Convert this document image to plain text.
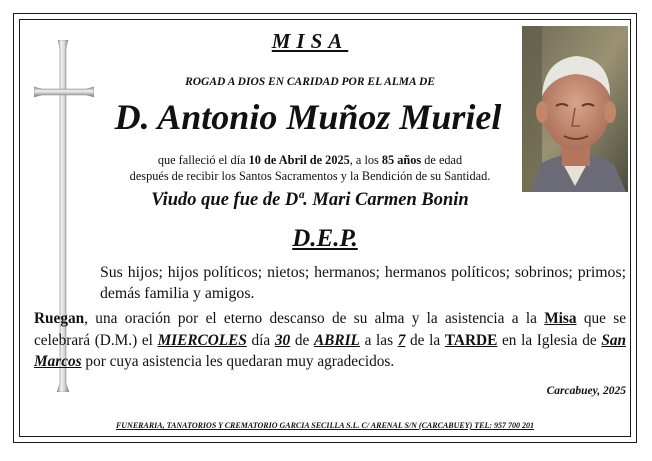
MISA
ROGAD A DIOS EN CARIDAD POR EL ALMA DE
D. Antonio Muñoz Muriel
que falleció el día 10 de Abril de 2025, a los 85 años de edad
después de recibir los Santos Sacramentos y la Bendición de su Santidad.
Viudo que fue de Dª. Mari Carmen Bonin
D.E.P.
Sus hijos; hijos políticos; nietos; hermanos; hermanos políticos; sobrinos; primos; demás familia y amigos.
Ruegan, una oración por el eterno descanso de su alma y la asistencia a la Misa que se celebrará (D.M.) el MIERCOLES día 30 de ABRIL a las 7 de la TARDE en la Iglesia de San Marcos por cuya asistencia les quedaran muy agradecidos.
Carcabuey, 2025
FUNERARIA, TANATORIOS Y CREMATORIO GARCIA SECILLA S.L. C/ ARENAL S/N (CARCABUEY) TEL: 957 700 201
